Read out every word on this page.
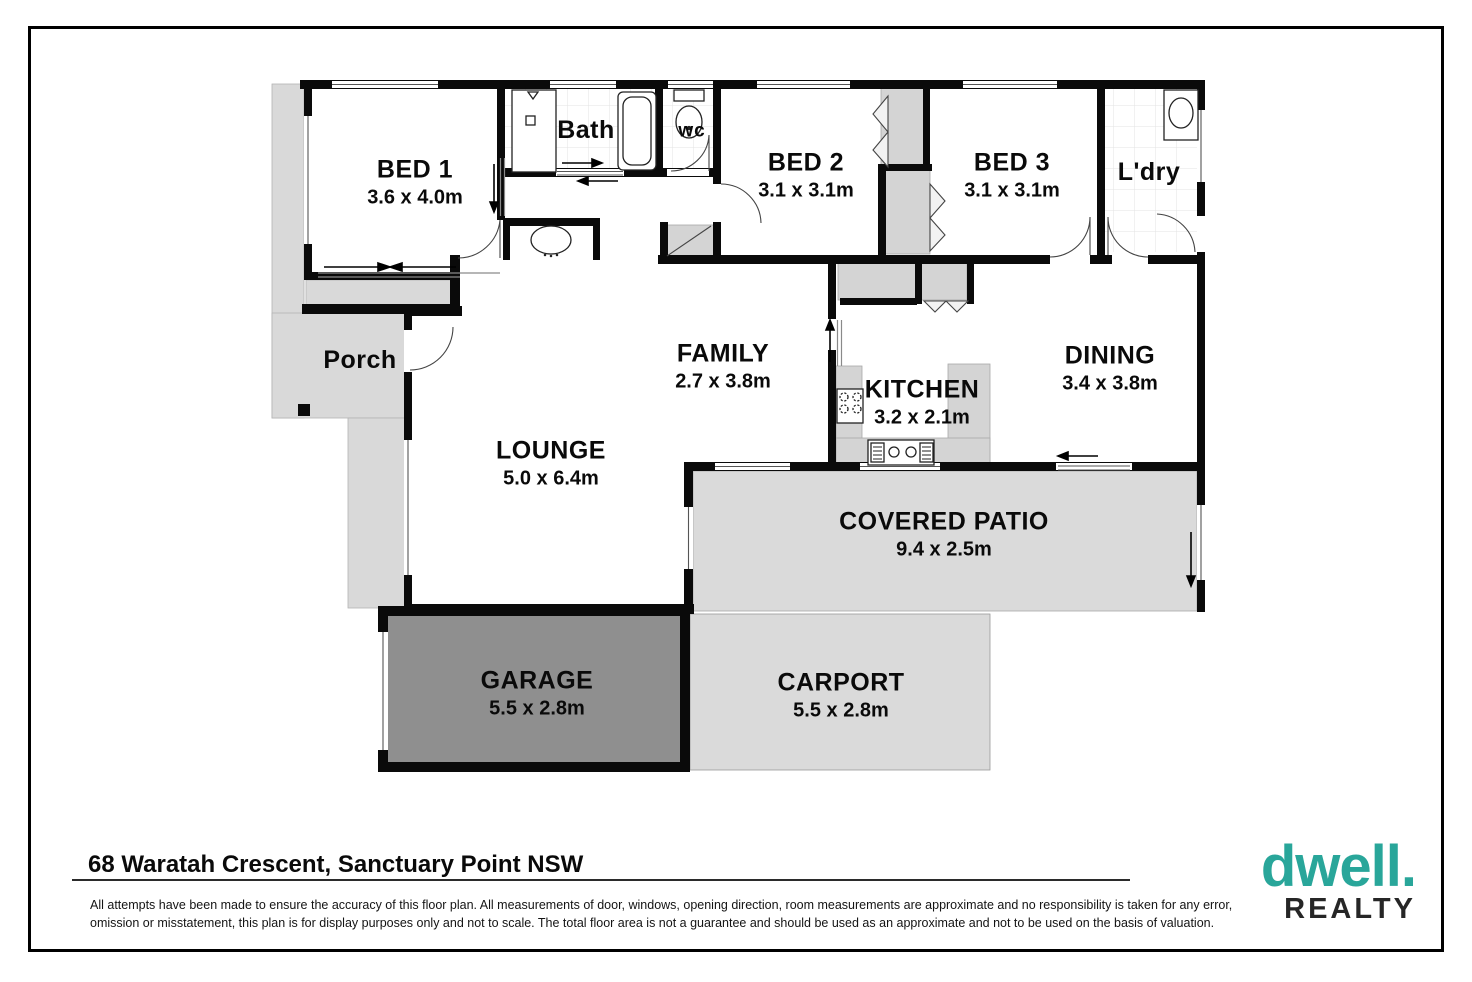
BED 1
3.6 x 4.0m
Bath	wc
BED 2
3.1 x 3.1m
BED 3
3.1 x 3.1m
L'dry
Porch	FAMILY
2.7 x 3.8m	KITCHEN
3.2 x 2.1m
DINING
3.4 x 3.8m
LOUNGE
5.0 x 6.4m
COVERED PATIO
9.4 x 2.5m
GARAGE
5.5 x 2.8m
CARPORT
5.5 x 2.8m
68 Waratah Crescent, Sanctuary Point NSW
All attempts have been made to ensure the accuracy of this floor plan. All measurements of door, windows, opening direction, room measurements are approximate and no responsibility is taken for any error,
omission or misstatement, this plan is for display purposes only and not to scale. The total floor area is not a guarantee and should be used as an approximate and not to be used on the basis of valuation.
dwell.
REALTY
